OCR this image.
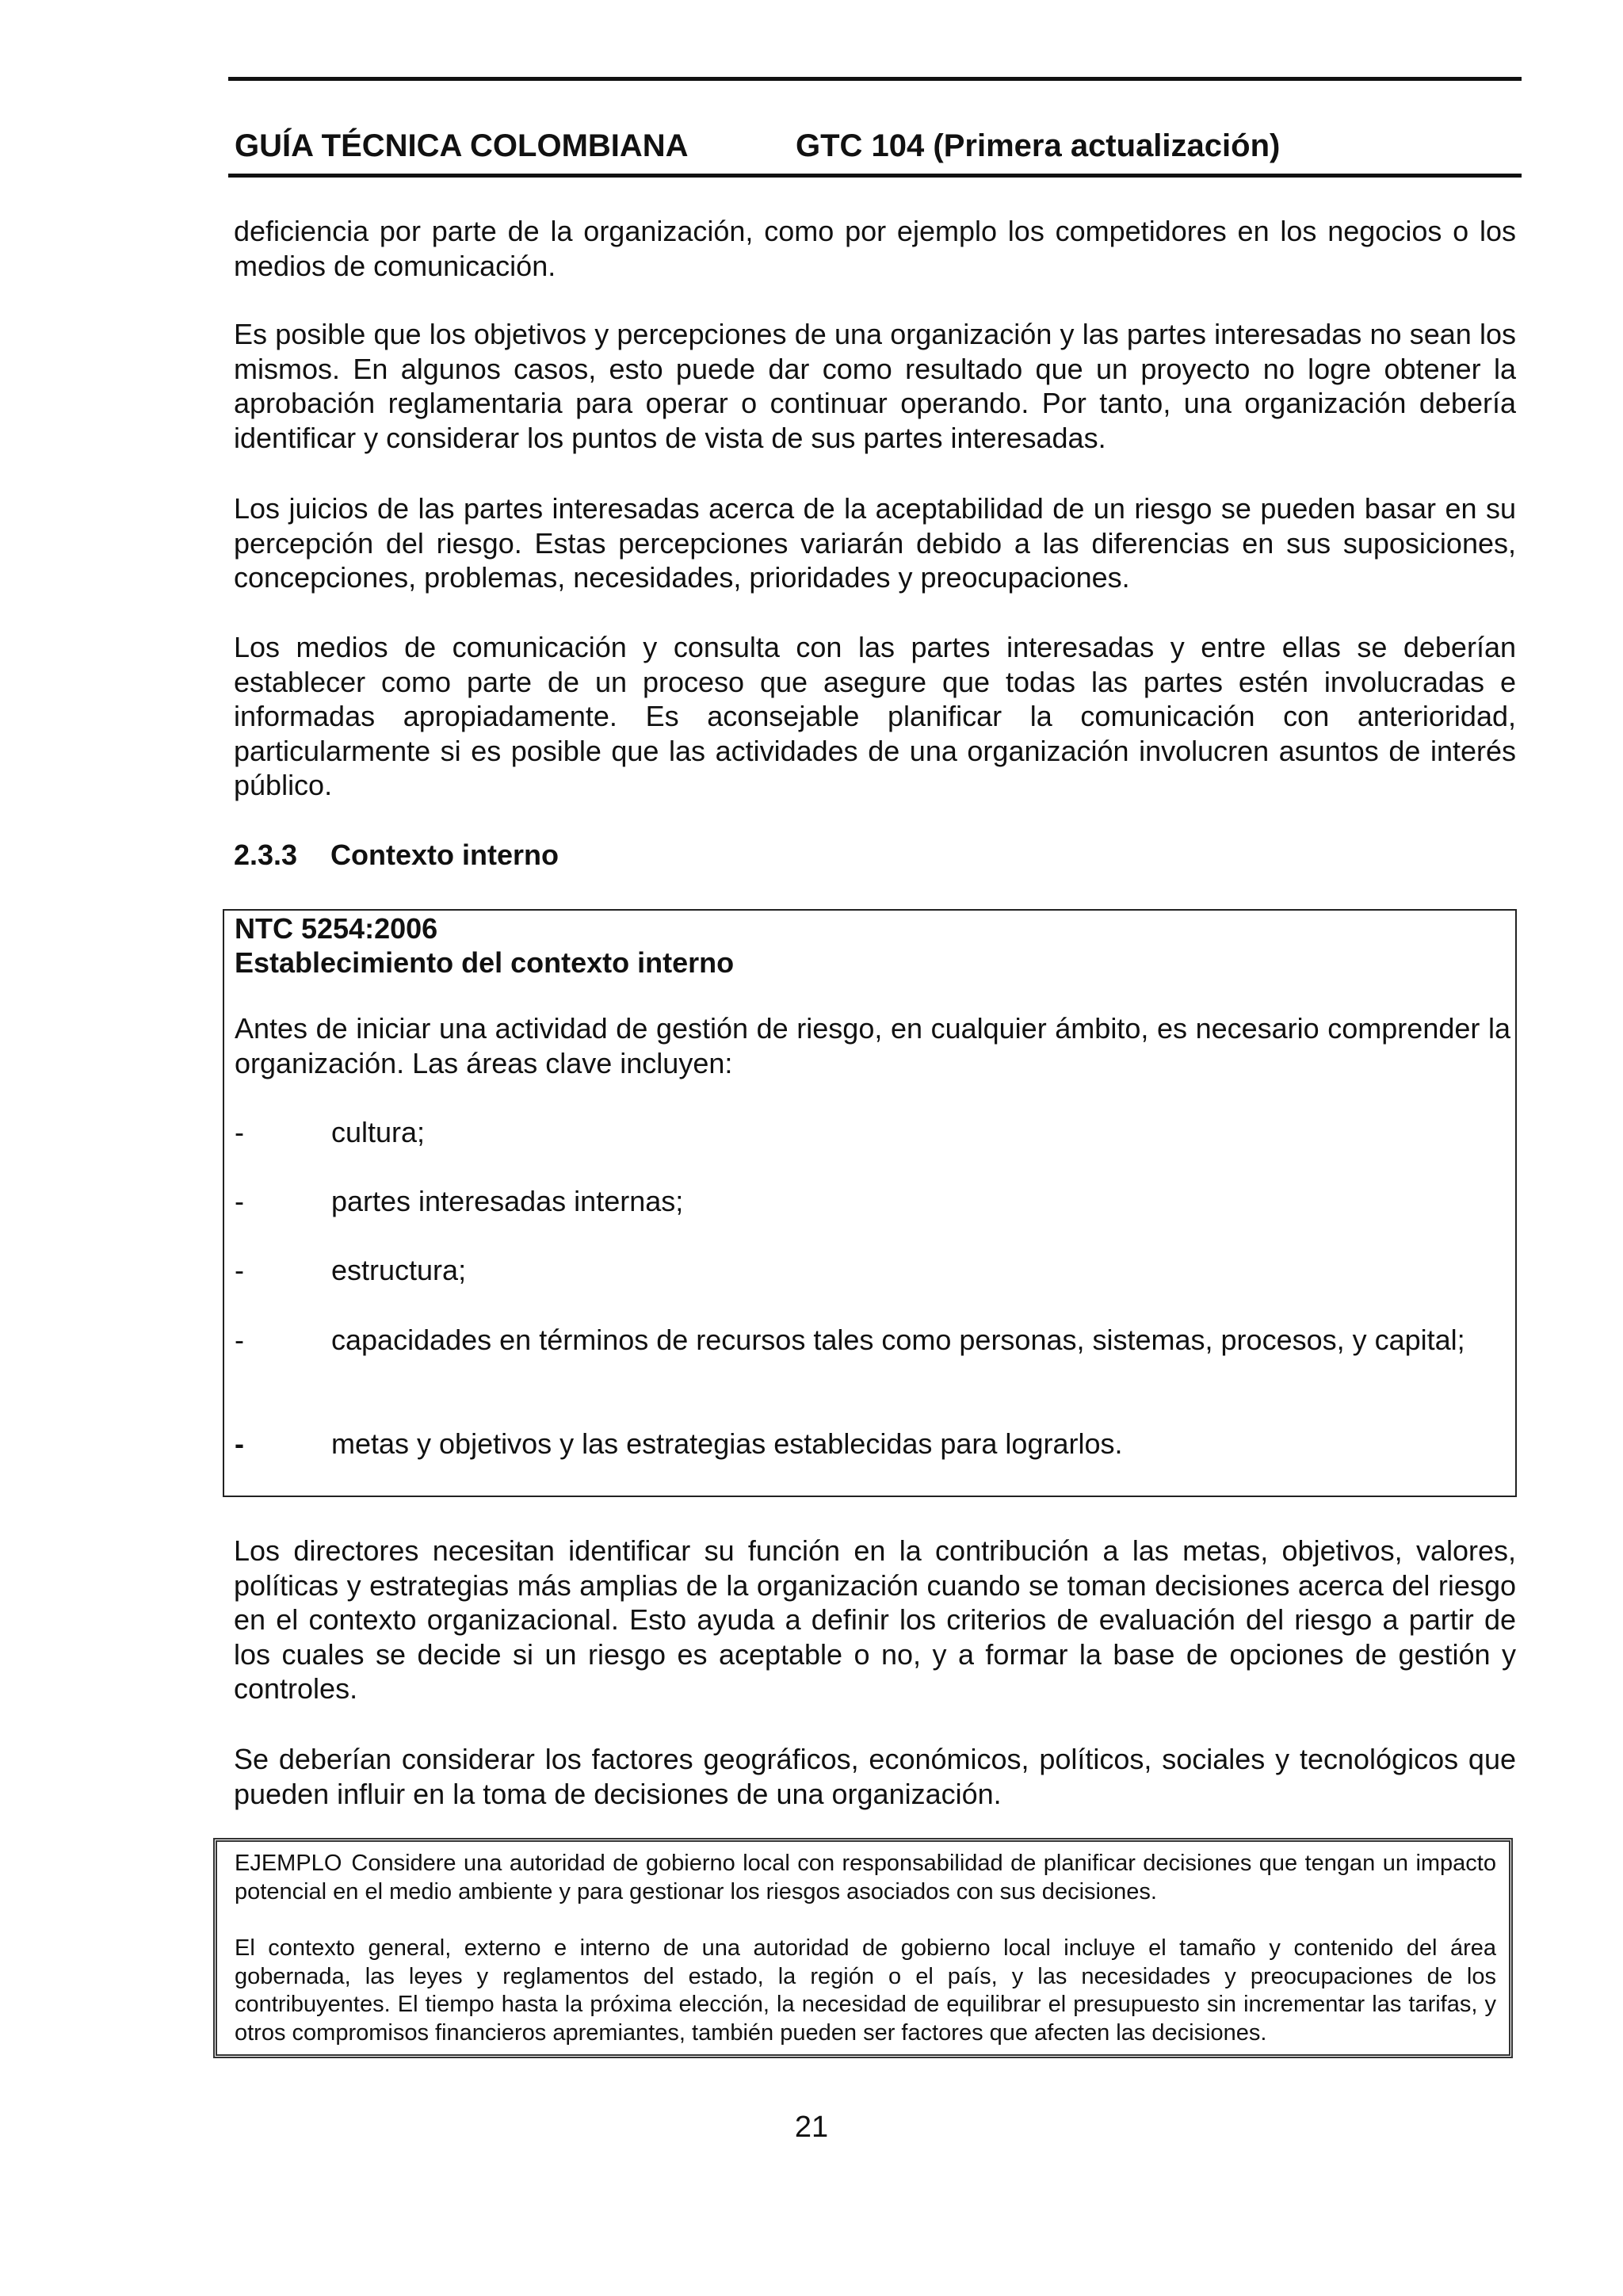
GUÍA TÉCNICA COLOMBIANA	GTC 104 (Primera actualización)

deficiencia por parte de la organización, como por ejemplo los competidores en los negocios o los medios de comunicación.

Es posible que los objetivos y percepciones de una organización y las partes interesadas no sean los mismos. En algunos casos, esto puede dar como resultado que un proyecto no logre obtener la aprobación reglamentaria para operar o continuar operando. Por tanto, una organización debería identificar y considerar los puntos de vista de sus partes interesadas.

Los juicios de las partes interesadas acerca de la aceptabilidad de un riesgo se pueden basar en su percepción del riesgo. Estas percepciones variarán debido a las diferencias en sus suposiciones, concepciones, problemas, necesidades, prioridades y preocupaciones.

Los medios de comunicación y consulta con las partes interesadas y entre ellas se deberían establecer como parte de un proceso que asegure que todas las partes estén involucradas e informadas apropiadamente. Es aconsejable planificar la comunicación con anterioridad, particularmente si es posible que las actividades de una organización involucren asuntos de interés público.

2.3.3 Contexto interno
NTC 5254:2006
Establecimiento del contexto interno

Antes de iniciar una actividad de gestión de riesgo, en cualquier ámbito, es necesario comprender la organización. Las áreas clave incluyen:

-	cultura;
-	partes interesadas internas;
-	estructura;
-	capacidades en términos de recursos tales como personas, sistemas, procesos, y capital;
-	metas y objetivos y las estrategias establecidas para lograrlos.

Los directores necesitan identificar su función en la contribución a las metas, objetivos, valores, políticas y estrategias más amplias de la organización cuando se toman decisiones acerca del riesgo en el contexto organizacional. Esto ayuda a definir los criterios de evaluación del riesgo a partir de los cuales se decide si un riesgo es aceptable o no, y a formar la base de opciones de gestión y controles.

Se deberían considerar los factores geográficos, económicos, políticos, sociales y tecnológicos que pueden influir en la toma de decisiones de una organización.

EJEMPLO Considere una autoridad de gobierno local con responsabilidad de planificar decisiones que tengan un impacto potencial en el medio ambiente y para gestionar los riesgos asociados con sus decisiones.

El contexto general, externo e interno de una autoridad de gobierno local incluye el tamaño y contenido del área gobernada, las leyes y reglamentos del estado, la región o el país, y las necesidades y preocupaciones de los contribuyentes. El tiempo hasta la próxima elección, la necesidad de equilibrar el presupuesto sin incrementar las tarifas, y otros compromisos financieros apremiantes, también pueden ser factores que afecten las decisiones.

21
